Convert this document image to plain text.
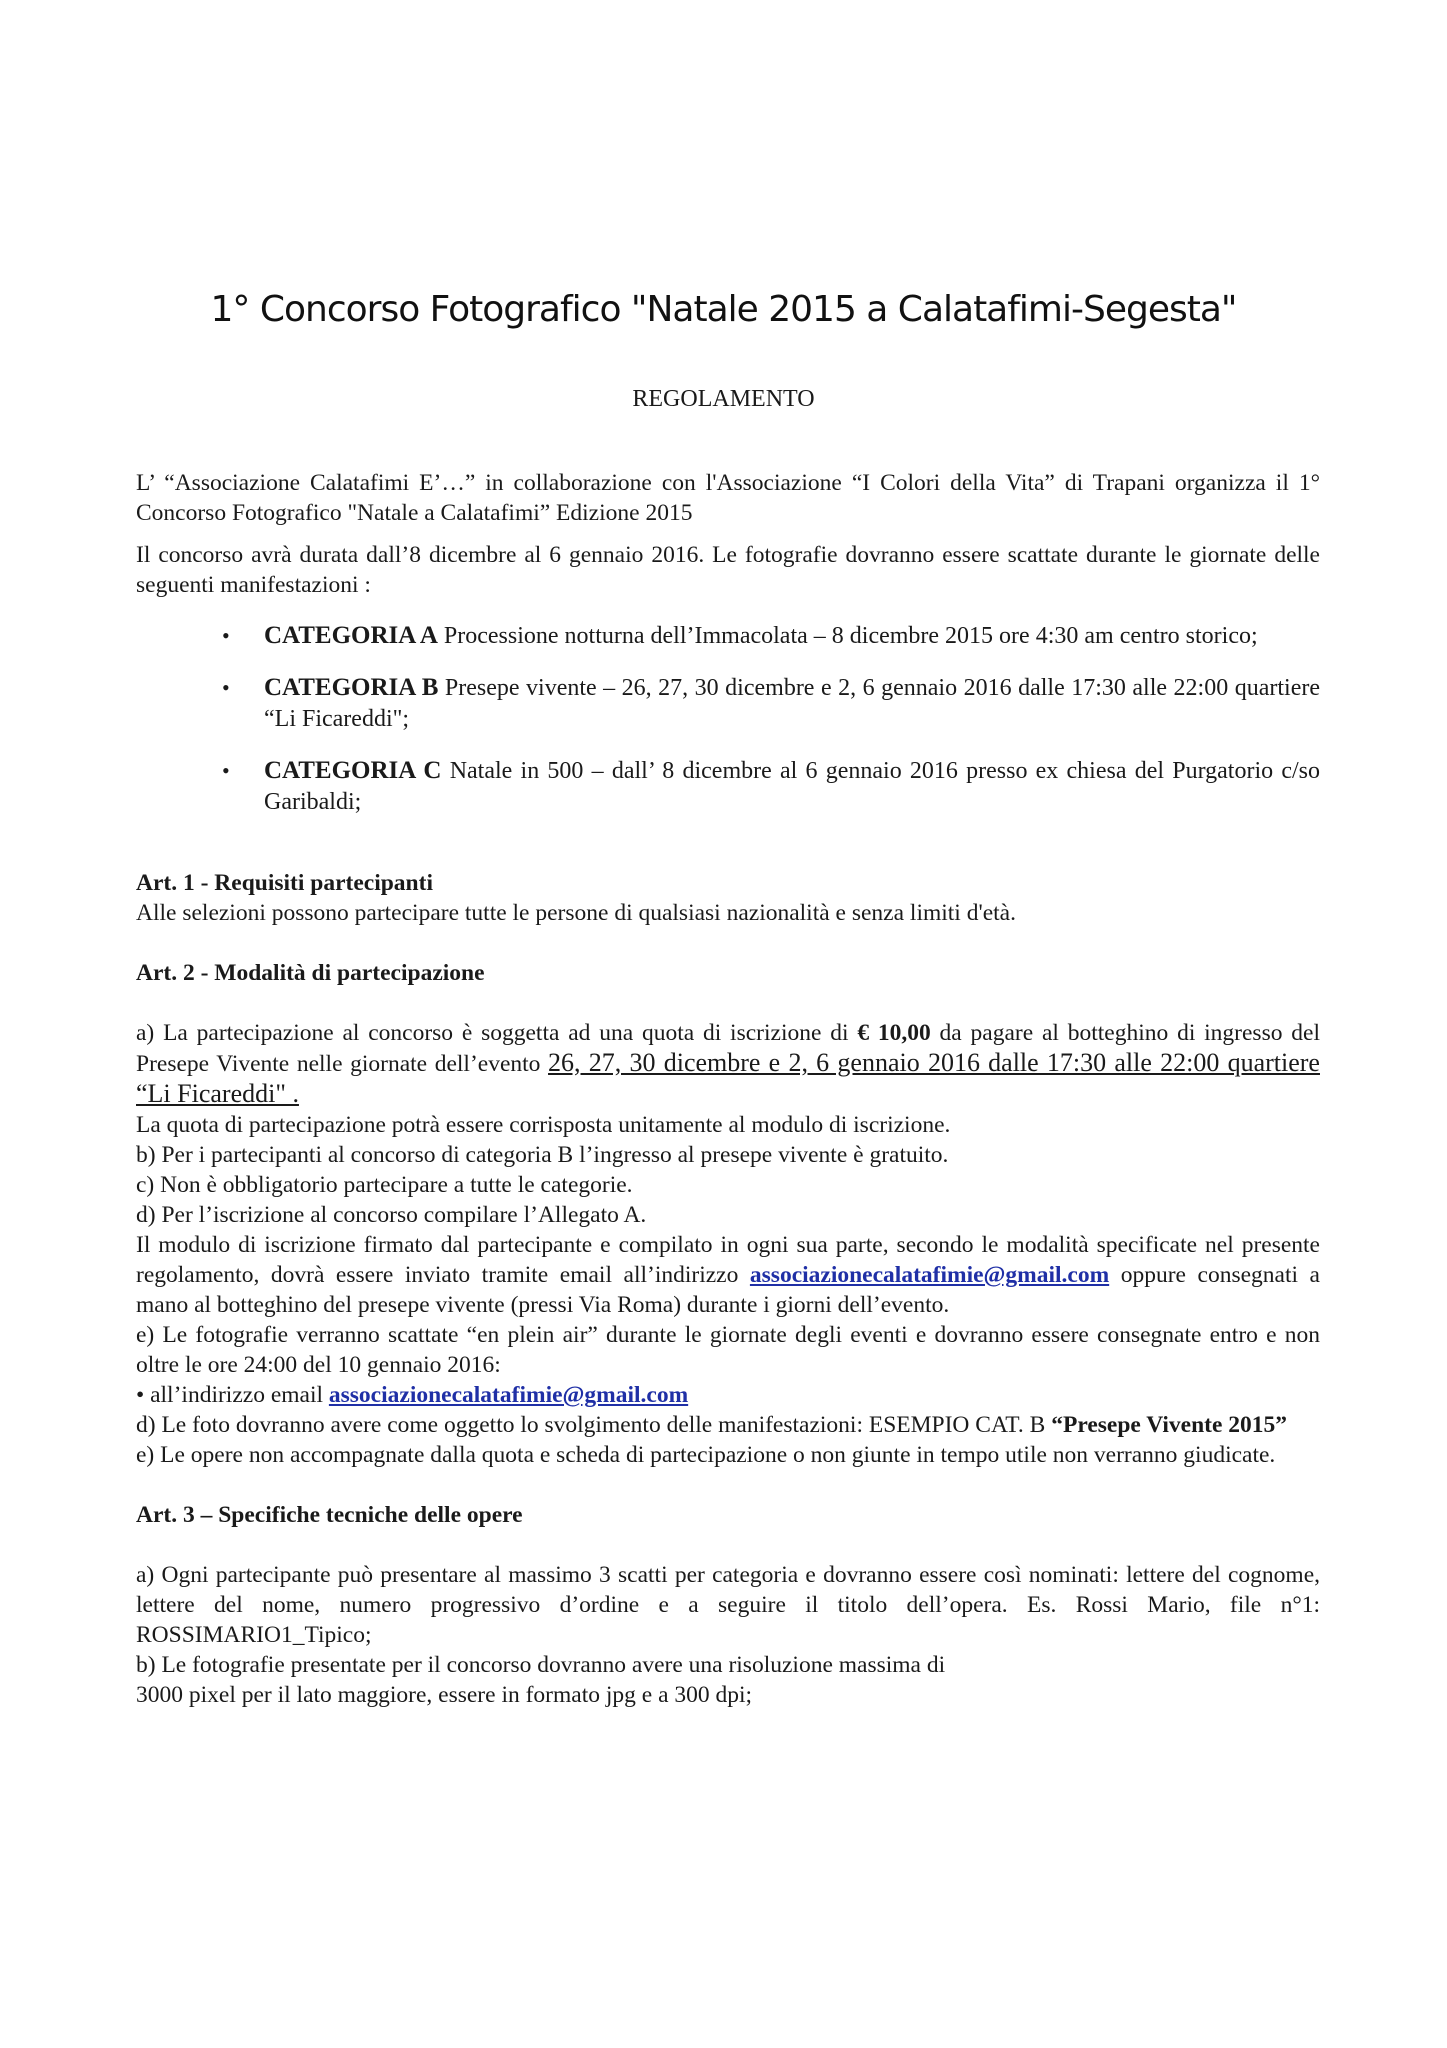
1° Concorso Fotografico "Natale 2015 a Calatafimi-Segesta"
REGOLAMENTO

L’ “Associazione Calatafimi E’…” in collaborazione con l'Associazione “I Colori della Vita” di Trapani organizza il 1° Concorso Fotografico "Natale a Calatafimi” Edizione 2015

Il concorso avrà durata dall’8 dicembre al 6 gennaio 2016. Le fotografie dovranno essere scattate durante le giornate delle seguenti manifestazioni :

• CATEGORIA A Processione notturna dell’Immacolata – 8 dicembre 2015 ore 4:30 am centro storico;

• CATEGORIA B Presepe vivente – 26, 27, 30 dicembre e 2, 6 gennaio 2016 dalle 17:30 alle 22:00 quartiere “Li Ficareddi";

• CATEGORIA C Natale in 500 – dall’ 8 dicembre al 6 gennaio 2016 presso ex chiesa del Purgatorio c/so Garibaldi;

Art. 1 - Requisiti partecipanti

Alle selezioni possono partecipare tutte le persone di qualsiasi nazionalità e senza limiti d'età.

Art. 2 - Modalità di partecipazione

a) La partecipazione al concorso è soggetta ad una quota di iscrizione di € 10,00 da pagare al botteghino di ingresso del Presepe Vivente nelle giornate dell’evento 26, 27, 30 dicembre e 2, 6 gennaio 2016 dalle 17:30 alle 22:00 quartiere “Li Ficareddi" .

La quota di partecipazione potrà essere corrisposta unitamente al modulo di iscrizione.

b) Per i partecipanti al concorso di categoria B l’ingresso al presepe vivente è gratuito.

c) Non è obbligatorio partecipare a tutte le categorie.

d) Per l’iscrizione al concorso compilare l’Allegato A.

Il modulo di iscrizione firmato dal partecipante e compilato in ogni sua parte, secondo le modalità specificate nel presente regolamento, dovrà essere inviato tramite email all’indirizzo associazionecalatafimie@gmail.com oppure consegnati a mano al botteghino del presepe vivente (pressi Via Roma) durante i giorni dell’evento.

e) Le fotografie verranno scattate “en plein air” durante le giornate degli eventi e dovranno essere consegnate entro e non oltre le ore 24:00 del 10 gennaio 2016:

• all’indirizzo email associazionecalatafimie@gmail.com

d) Le foto dovranno avere come oggetto lo svolgimento delle manifestazioni: ESEMPIO CAT. B “Presepe Vivente 2015”

e) Le opere non accompagnate dalla quota e scheda di partecipazione o non giunte in tempo utile non verranno giudicate.

Art. 3 – Specifiche tecniche delle opere

a) Ogni partecipante può presentare al massimo 3 scatti per categoria e dovranno essere così nominati: lettere del cognome, lettere del nome, numero progressivo d’ordine e a seguire il titolo dell’opera. Es. Rossi Mario, file n°1: ROSSIMARIO1_Tipico;

b) Le fotografie presentate per il concorso dovranno avere una risoluzione massima di

3000 pixel per il lato maggiore, essere in formato jpg e a 300 dpi;
